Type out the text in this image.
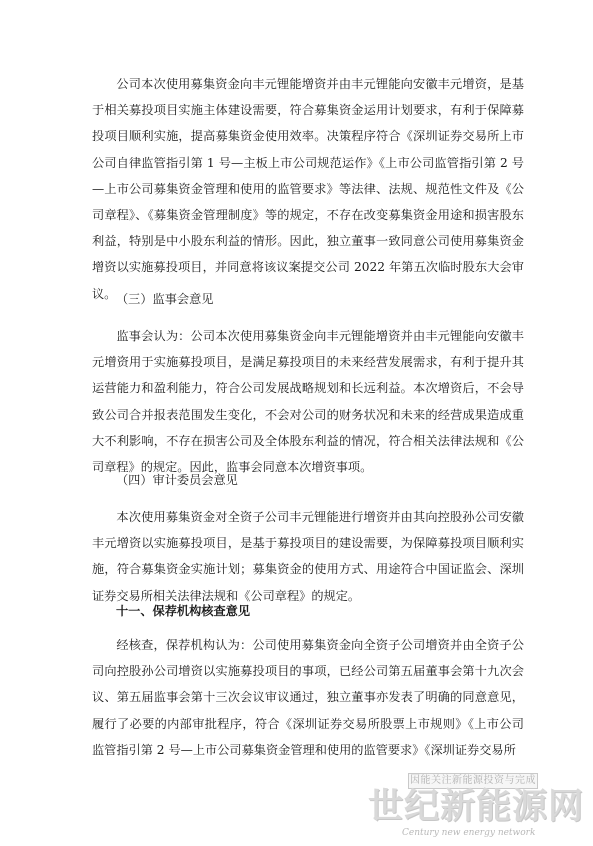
公司本次使用募集资金向丰元锂能增资并由丰元锂能向安徽丰元增资，是基于相关募投项目实施主体建设需要，符合募集资金运用计划要求，有利于保障募投项目顺利实施，提高募集资金使用效率。决策程序符合《深圳证券交易所上市公司自律监管指引第 1 号—主板上市公司规范运作》《上市公司监管指引第 2 号—上市公司募集资金管理和使用的监管要求》等法律、法规、规范性文件及《公司章程》、《募集资金管理制度》等的规定，不存在改变募集资金用途和损害股东利益，特别是中小股东利益的情形。因此，独立董事一致同意公司使用募集资金增资以实施募投项目，并同意将该议案提交公司 2022 年第五次临时股东大会审议。 （三）监事会意见

监事会认为：公司本次使用募集资金向丰元锂能增资并由丰元锂能向安徽丰元增资用于实施募投项目，是满足募投项目的未来经营发展需求，有利于提升其运营能力和盈利能力，符合公司发展战略规划和长远利益。本次增资后，不会导致公司合并报表范围发生变化，不会对公司的财务状况和未来的经营成果造成重大不利影响，不存在损害公司及全体股东利益的情况，符合相关法律法规和《公司章程》的规定。因此，监事会同意本次增资事项。

（四）审计委员会意见

本次使用募集资金对全资子公司丰元锂能进行增资并由其向控股孙公司安徽丰元增资以实施募投项目，是基于募投项目的建设需要，为保障募投项目顺利实施，符合募集资金实施计划；募集资金的使用方式、用途符合中国证监会、深圳证券交易所相关法律法规和《公司章程》的规定。

十一、保荐机构核查意见

经核查，保荐机构认为：公司使用募集资金向全资子公司增资并由全资子公司向控股孙公司增资以实施募投项目的事项，已经公司第五届董事会第十九次会议、第五届监事会第十三次会议审议通过，独立董事亦发表了明确的同意意见，履行了必要的内部审批程序，符合《深圳证券交易所股票上市规则》《上市公司监管指引第 2 号—上市公司募集资金管理和使用的监管要求》《深圳证券交易所

因能关注新能源投资与完成
世纪新能源网
Century new energy network
